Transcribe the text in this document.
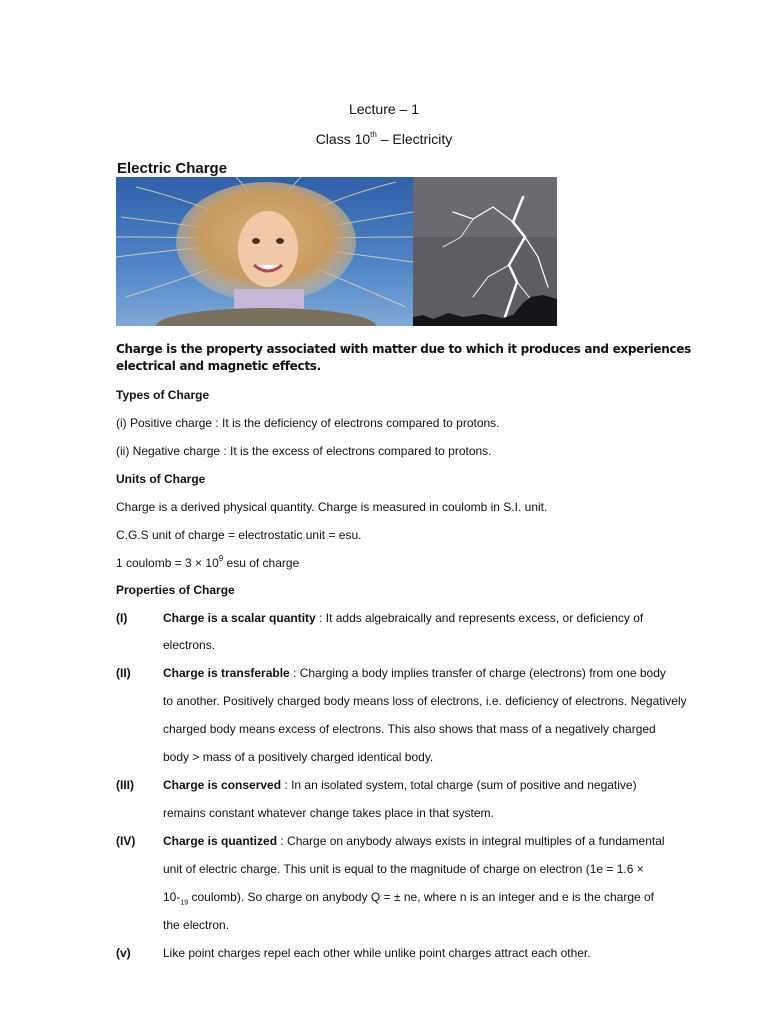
Lecture – 1
Class 10th – Electricity
Electric Charge
Charge is the property associated with matter due to which it produces and experiences electrical and magnetic effects.
Types of Charge
(i) Positive charge : It is the deficiency of electrons compared to protons.
(ii) Negative charge : It is the excess of electrons compared to protons.
Units of Charge
Charge is a derived physical quantity. Charge is measured in coulomb in S.I. unit.
C.G.S unit of charge = electrostatic unit = esu.
1 coulomb = $3 \times 10^9$ esu of charge
Properties of Charge
(I)	Charge is a scalar quantity : It adds algebraically and represents excess, or deficiency of
electrons.
(II)	Charge is transferable : Charging a body implies transfer of charge (electrons) from one body
to another. Positively charged body means loss of electrons, i.e. deficiency of electrons. Negatively
charged body means excess of electrons. This also shows that mass of a negatively charged
body > mass of a positively charged identical body.
(III) Charge is conserved : In an isolated system, total charge (sum of positive and negative)
remains constant whatever change takes place in that system.
(IV) Charge is quantized : Charge on anybody always exists in integral multiples of a fundamental
unit of electric charge. This unit is equal to the magnitude of charge on electron (1e = 1.6 ×
$10-_{19}$ coulomb). So charge on anybody Q = ± ne, where n is an integer and e is the charge of
the electron.
(v)	Like point charges repel each other while unlike point charges attract each other.
